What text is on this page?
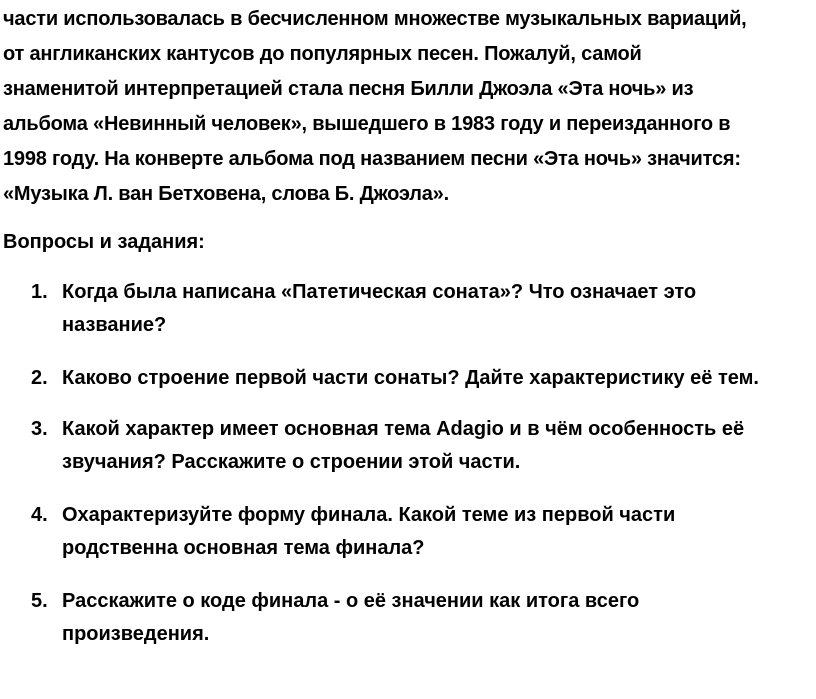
части использовалась в бесчисленном множестве музыкальных вариаций,
от англиканских кантусов до популярных песен. Пожалуй, самой
знаменитой интерпретацией стала песня Билли Джоэла «Эта ночь» из
альбома «Невинный человек», вышедшего в 1983 году и переизданного в
1998 году. На конверте альбома под названием песни «Эта ночь» значится:
«Музыка Л. ван Бетховена, слова Б. Джоэла».

Вопросы и задания:

1. Когда была написана «Патетическая соната»? Что означает это
название?
2. Каково строение первой части сонаты? Дайте характеристику её тем.
3. Какой характер имеет основная тема Adagio и в чём особенность её
звучания? Расскажите о строении этой части.
4. Охарактеризуйте форму финала. Какой теме из первой части
родственна основная тема финала?
5. Расскажите о коде финала - о её значении как итога всего
произведения.
